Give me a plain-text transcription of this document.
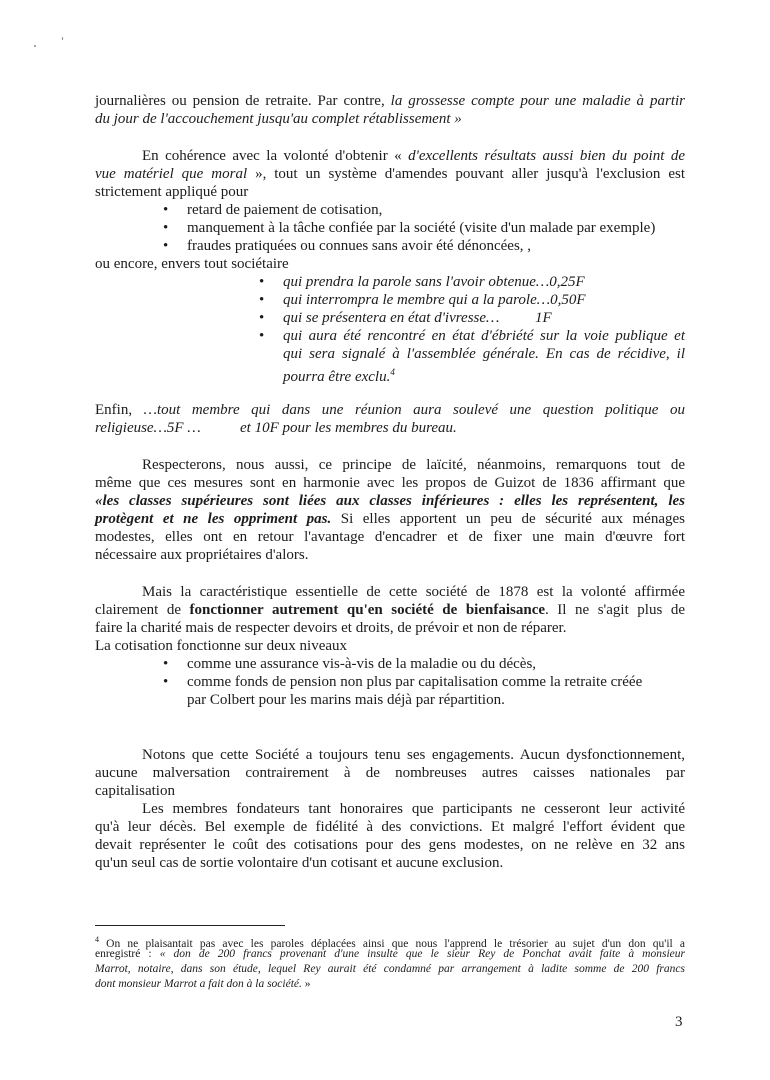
journalières ou pension de retraite. Par contre, la grossesse compte pour une maladie à partir

du jour de l'accouchement jusqu'au complet rétablissement »

En cohérence avec la volonté d'obtenir « d'excellents résultats aussi bien du point de

vue matériel que moral », tout un système d'amendes pouvant aller jusqu'à l'exclusion est

strictement appliqué pour

• retard de paiement de cotisation,
• manquement à la tâche confiée par la société (visite d'un malade par exemple)
• fraudes pratiquées ou connues sans avoir été dénoncées, ,
ou encore, envers tout sociétaire
• qui prendra la parole sans l'avoir obtenue…0,25F
• qui interrompra le membre qui a la parole…0,50F
• qui se présentera en état d'ivresse… 1F
• qui aura été rencontré en état d'ébriété sur la voie publique et
qui sera signalé à l'assemblée générale. En cas de récidive, il
pourra être exclu.$^4$

Enfin, …tout membre qui dans une réunion aura soulevé une question politique ou

religieuse…5F …	et 10F pour les membres du bureau.

Respecterons, nous aussi, ce principe de laïcité, néanmoins, remarquons tout de

même que ces mesures sont en harmonie avec les propos de Guizot de 1836 affirmant que

«les classes supérieures sont liées aux classes inférieures : elles les représentent, les

protègent et ne les oppriment pas. Si elles apportent un peu de sécurité aux ménages

modestes, elles ont en retour l'avantage d'encadrer et de fixer une main d'œuvre fort

nécessaire aux propriétaires d'alors.

Mais la caractéristique essentielle de cette société de 1878 est la volonté affirmée

clairement de fonctionner autrement qu'en société de bienfaisance. Il ne s'agit plus de

faire la charité mais de respecter devoirs et droits, de prévoir et non de réparer.

La cotisation fonctionne sur deux niveaux

• comme une assurance vis-à-vis de la maladie ou du décès,
• comme fonds de pension non plus par capitalisation comme la retraite créée
par Colbert pour les marins mais déjà par répartition.

Notons que cette Société a toujours tenu ses engagements. Aucun dysfonctionnement,

aucune malversation contrairement à de nombreuses autres caisses nationales par

capitalisation

Les membres fondateurs tant honoraires que participants ne cesseront leur activité

qu'à leur décès. Bel exemple de fidélité à des convictions. Et malgré l'effort évident que

devait représenter le coût des cotisations pour des gens modestes, on ne relève en 32 ans

qu'un seul cas de sortie volontaire d'un cotisant et aucune exclusion.

$^4$ On ne plaisantait pas avec les paroles déplacées ainsi que nous l'apprend le trésorier au sujet d'un don qu'il a

enregistré : « don de 200 francs provenant d'une insulte que le sieur Rey de Ponchat avait faite à monsieur

Marrot, notaire, dans son étude, lequel Rey aurait été condamné par arrangement à ladite somme de 200 francs

dont monsieur Marrot a fait don à la société. »

3
